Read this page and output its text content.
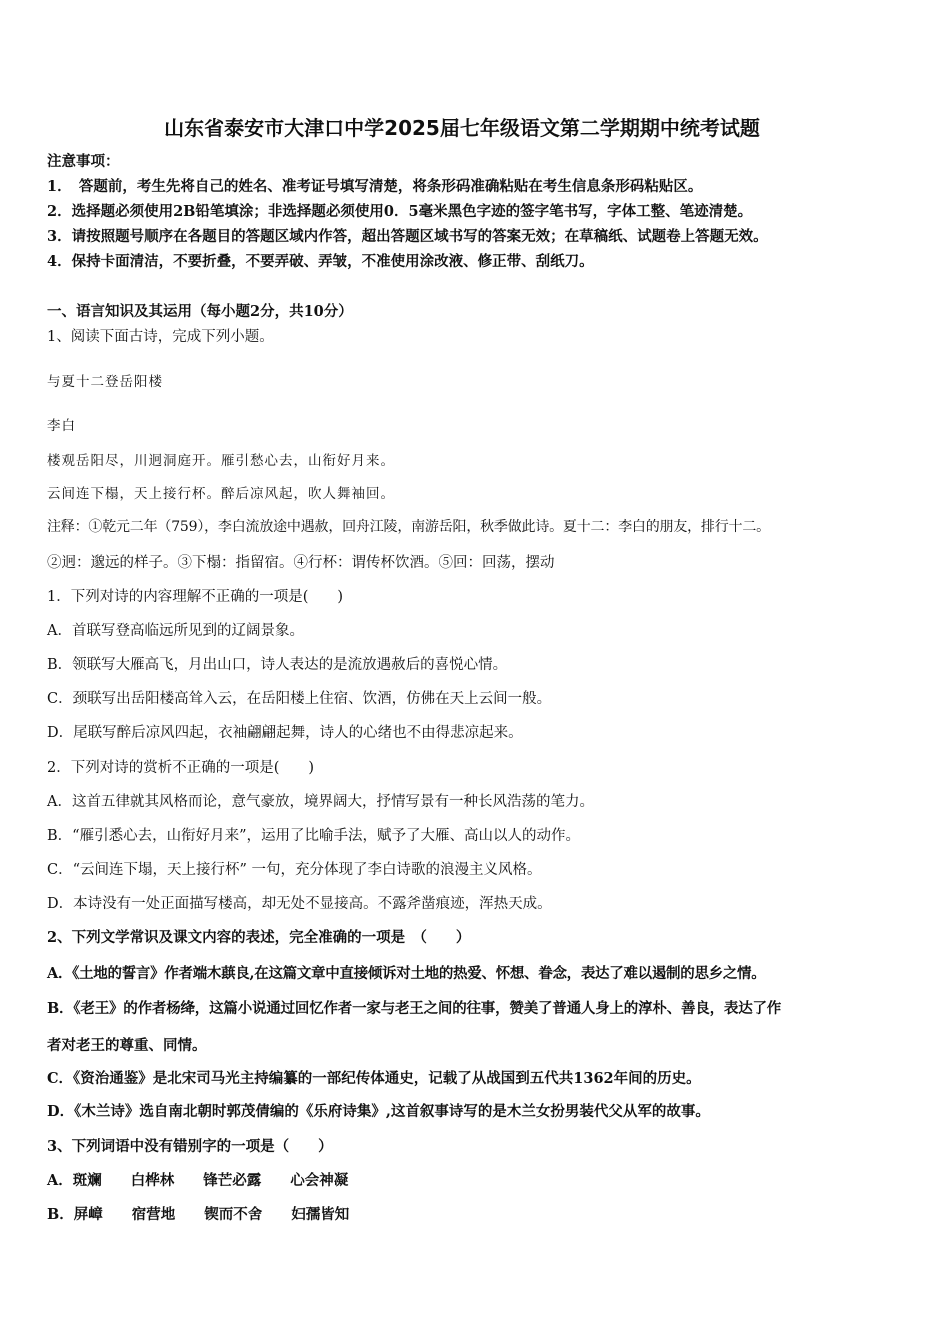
山东省泰安市大津口中学2025届七年级语文第二学期期中统考试题
注意事项：
1．　答题前，考生先将自己的姓名、准考证号填写清楚，将条形码准确粘贴在考生信息条形码粘贴区。
2．选择题必须使用2B铅笔填涂；非选择题必须使用0．5毫米黑色字迹的签字笔书写，字体工整、笔迹清楚。
3．请按照题号顺序在各题目的答题区域内作答，超出答题区域书写的答案无效；在草稿纸、试题卷上答题无效。
4．保持卡面清洁，不要折叠，不要弄破、弄皱，不准使用涂改液、修正带、刮纸刀。
一、语言知识及其运用（每小题2分，共10分）
1、阅读下面古诗，完成下列小题。
与夏十二登岳阳楼
李白
楼观岳阳尽，川迥洞庭开。雁引愁心去，山衔好月来。
云间连下榻，天上接行杯。醉后凉风起，吹人舞袖回。
注释：①乾元二年（759），李白流放途中遇赦，回舟江陵，南游岳阳，秋季做此诗。夏十二：李白的朋友，排行十二。
②迥：邈远的样子。③下榻：指留宿。④行杯：谓传杯饮酒。⑤回：回荡，摆动
1．下列对诗的内容理解不正确的一项是(　　)
A．首联写登高临远所见到的辽阔景象。
B．领联写大雁高飞，月出山口，诗人表达的是流放遇赦后的喜悦心情。
C．颈联写出岳阳楼高耸入云，在岳阳楼上住宿、饮酒，仿佛在天上云间一般。
D．尾联写醉后凉风四起，衣袖翩翩起舞，诗人的心绪也不由得悲凉起来。
2．下列对诗的赏析不正确的一项是(　　)
A．这首五律就其风格而论，意气豪放，境界阔大，抒情写景有一种长风浩荡的笔力。
B．“雁引悉心去，山衔好月来”，运用了比喻手法，赋予了大雁、高山以人的动作。
C．“云间连下塌，天上接行杯” 一句，充分体现了李白诗歌的浪漫主义风格。
D．本诗没有一处正面描写楼高，却无处不显接高。不露斧凿痕迹，浑热天成。
2、下列文学常识及课文内容的表述，完全准确的一项是　（　　）
A．《土地的誓言》作者端木蕻良,在这篇文章中直接倾诉对土地的热爱、怀想、眷念，表达了难以遏制的思乡之情。
B．《老王》的作者杨绛，这篇小说通过回忆作者一家与老王之间的往事，赞美了普通人身上的淳朴、善良，表达了作
者对老王的尊重、同情。
C．《资治通鉴》是北宋司马光主持编纂的一部纪传体通史，记载了从战国到五代共1362年间的历史。
D．《木兰诗》选自南北朝时郭茂倩编的《乐府诗集》,这首叙事诗写的是木兰女扮男装代父从军的故事。
3、下列词语中没有错别字的一项是（　　）
A．斑斓　　白桦林　　锋芒必露　　心会神凝
B．屏嶂　　宿营地　　锲而不舍　　妇孺皆知
